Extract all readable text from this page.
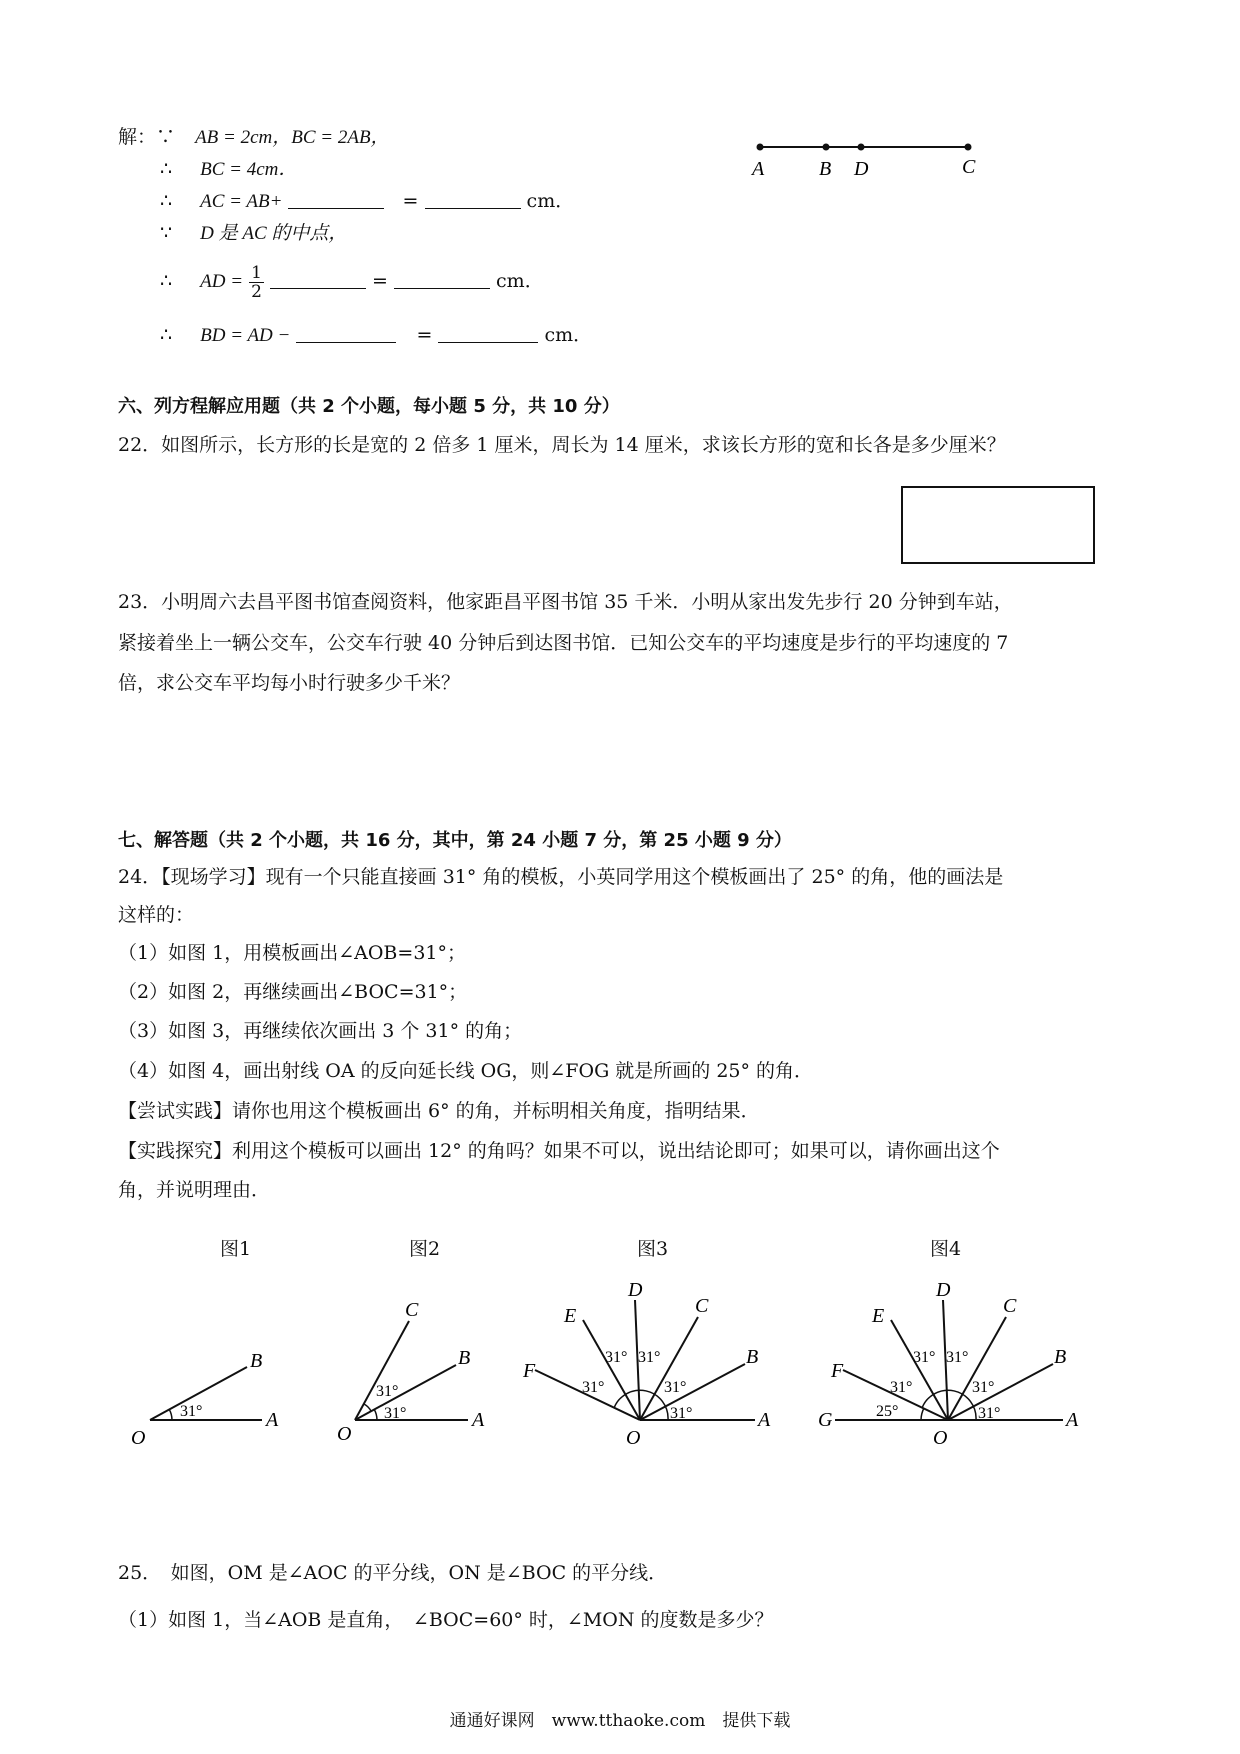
解：∵ AB = 2cm，BC = 2AB，
∴ BC = 4cm．
∴ AC = AB+	=	cm．
∵ D 是 AC 的中点，
∴ AD = $\frac{1}{2}$	=	cm．
∴ BD = AD −	=	cm．
A	B D	C
六、列方程解应用题（共 2 个小题，每小题 5 分，共 10 分）
22．如图所示，长方形的长是宽的 2 倍多 1 厘米，周长为 14 厘米，求该长方形的宽和长各是多少厘米？
23．小明周六去昌平图书馆查阅资料，他家距昌平图书馆 35 千米．小明从家出发先步行 20 分钟到车站，
紧接着坐上一辆公交车，公交车行驶 40 分钟后到达图书馆．已知公交车的平均速度是步行的平均速度的 7
倍，求公交车平均每小时行驶多少千米？
七、解答题（共 2 个小题，共 16 分，其中，第 24 小题 7 分，第 25 小题 9 分）
24．【现场学习】现有一个只能直接画 31° 角的模板，小英同学用这个模板画出了 25° 的角，他的画法是
这样的：
（1）如图 1，用模板画出∠AOB=31°；
（2）如图 2，再继续画出∠BOC=31°；
（3）如图 3，再继续依次画出 3 个 31° 的角；
（4）如图 4，画出射线 OA 的反向延长线 OG，则∠FOG 就是所画的 25° 的角．
【尝试实践】请你也用这个模板画出 6° 的角，并标明相关角度，指明结果．
【实践探究】利用这个模板可以画出 12° 的角吗？如果不可以，说出结论即可；如果可以，请你画出这个
角，并说明理由．
图1	图2	图3	图4
O
A
B
31°
O
A
B
C
31°
31°
O
A
B
C
D
E
F
31°
31°
31°
31°
31°
O
A
B
C
D
E
F
G	31°
31°
31°
31°
31°
25°
25．　如图，OM 是∠AOC 的平分线，ON 是∠BOC 的平分线．
（1）如图 1，当∠AOB 是直角，　∠BOC=60° 时，∠MON 的度数是多少？
通通好课网　www.tthaoke.com　提供下载
